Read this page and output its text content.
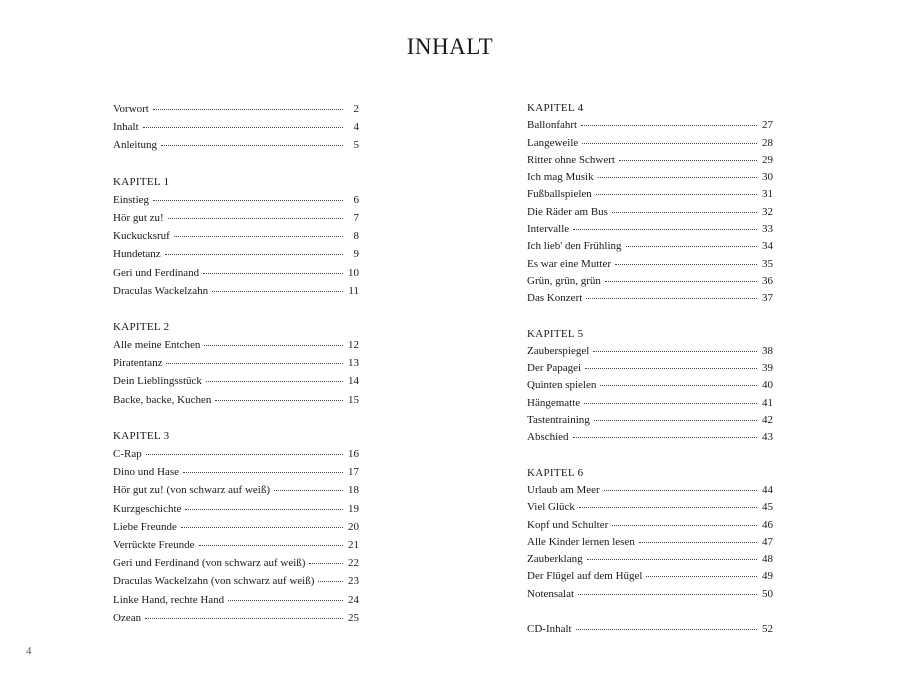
INHALT
Vorwort	2
Inhalt	4
Anleitung	5
KAPITEL 1
Einstieg	6
Hör gut zu!	7
Kuckucksruf	8
Hundetanz	9
Geri und Ferdinand	10
Draculas Wackelzahn	11
KAPITEL 2
Alle meine Entchen	12
Piratentanz	13
Dein Lieblingsstück	14
Backe, backe, Kuchen	15
KAPITEL 3
C-Rap	16
Dino und Hase	17
Hör gut zu! (von schwarz auf weiß)	18
Kurzgeschichte	19
Liebe Freunde	20
Verrückte Freunde	21
Geri und Ferdinand (von schwarz auf weiß)	22
Draculas Wackelzahn (von schwarz auf weiß)	23
Linke Hand, rechte Hand	24
Ozean	25
KAPITEL 4
Ballonfahrt	27
Langeweile	28
Ritter ohne Schwert	29
Ich mag Musik	30
Fußballspielen	31
Die Räder am Bus	32
Intervalle	33
Ich lieb' den Frühling	34
Es war eine Mutter	35
Grün, grün, grün	36
Das Konzert	37
KAPITEL 5
Zauberspiegel	38
Der Papagei	39
Quinten spielen	40
Hängematte	41
Tastentraining	42
Abschied	43
KAPITEL 6
Urlaub am Meer	44
Viel Glück	45
Kopf und Schulter	46
Alle Kinder lernen lesen	47
Zauberklang	48
Der Flügel auf dem Hügel	49
Notensalat	50
CD-Inhalt	52
4
